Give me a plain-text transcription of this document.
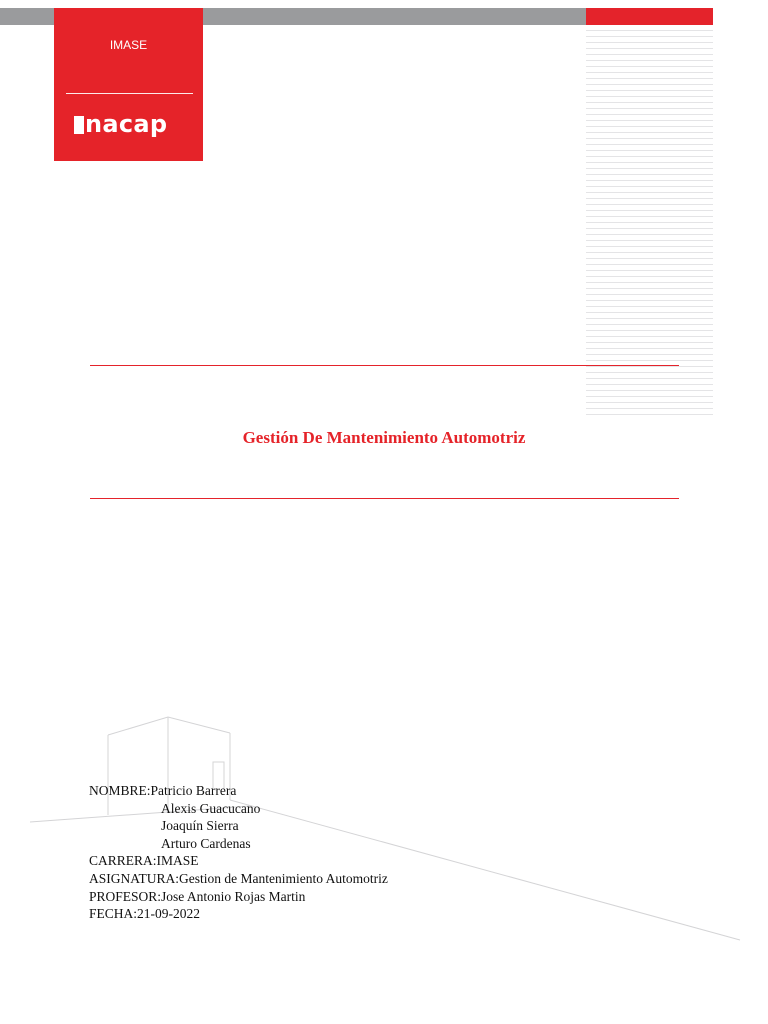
IMASE
nacap
Gestión De Mantenimiento Automotriz
NOMBRE:Patricio Barrera
Alexis Guacucano
Joaquín Sierra
Arturo Cardenas
CARRERA:IMASE
ASIGNATURA:Gestion de Mantenimiento Automotriz
PROFESOR:Jose Antonio Rojas Martin
FECHA:21-09-2022
